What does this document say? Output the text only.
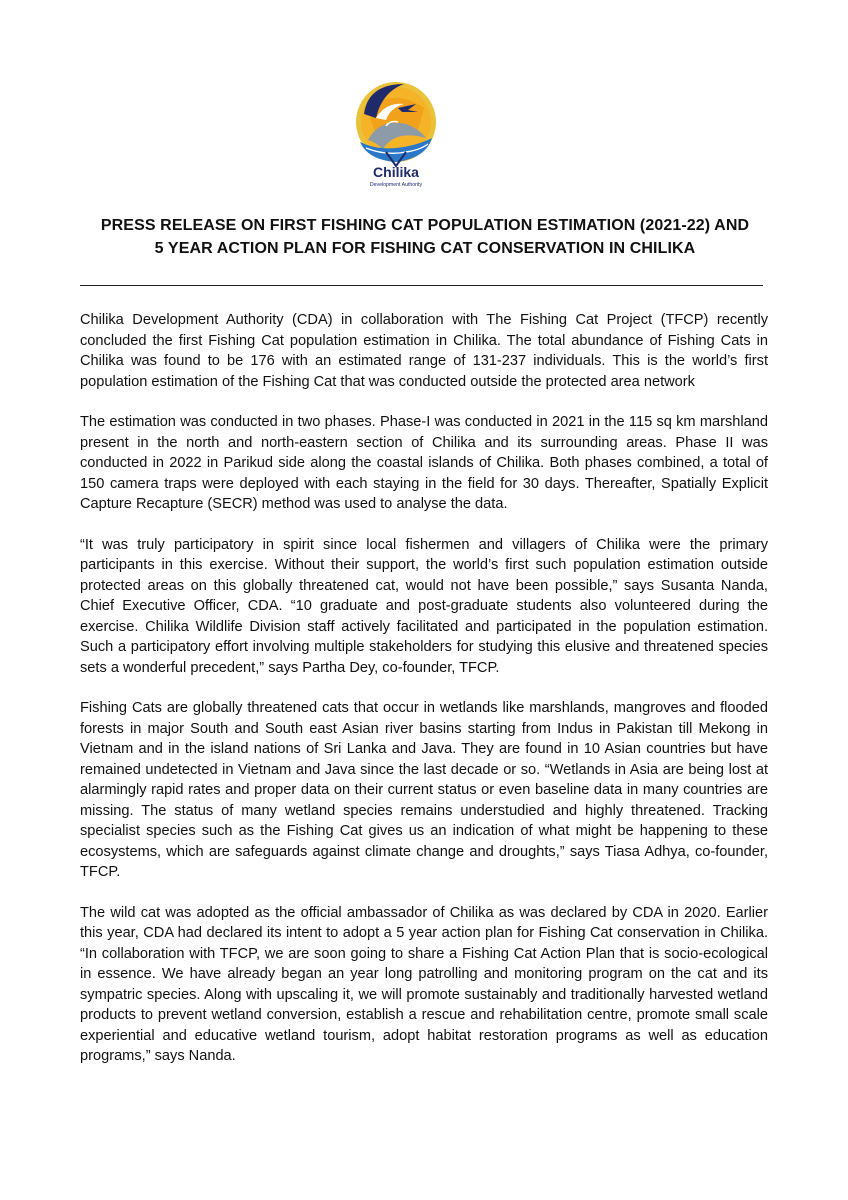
Chilika
Development Authority
PRESS RELEASE ON FIRST FISHING CAT POPULATION ESTIMATION (2021-22) AND
5 YEAR ACTION PLAN FOR FISHING CAT CONSERVATION IN CHILIKA

Chilika Development Authority (CDA) in collaboration with The Fishing Cat Project (TFCP) recently concluded the first Fishing Cat population estimation in Chilika. The total abundance of Fishing Cats in Chilika was found to be 176 with an estimated range of 131-237 individuals. This is the world’s first population estimation of the Fishing Cat that was conducted outside the protected area network

The estimation was conducted in two phases. Phase-I was conducted in 2021 in the 115 sq km marshland present in the north and north-eastern section of Chilika and its surrounding areas. Phase II was conducted in 2022 in Parikud side along the coastal islands of Chilika. Both phases combined, a total of 150 camera traps were deployed with each staying in the field for 30 days. Thereafter, Spatially Explicit Capture Recapture (SECR) method was used to analyse the data.

“It was truly participatory in spirit since local fishermen and villagers of Chilika were the primary participants in this exercise. Without their support, the world’s first such population estimation outside protected areas on this globally threatened cat, would not have been possible,” says Susanta Nanda, Chief Executive Officer, CDA. “10 graduate and post-graduate students also volunteered during the exercise. Chilika Wildlife Division staff actively facilitated and participated in the population estimation. Such a participatory effort involving multiple stakeholders for studying this elusive and threatened species sets a wonderful precedent,” says Partha Dey, co-founder, TFCP.

Fishing Cats are globally threatened cats that occur in wetlands like marshlands, mangroves and flooded forests in major South and South east Asian river basins starting from Indus in Pakistan till Mekong in Vietnam and in the island nations of Sri Lanka and Java. They are found in 10 Asian countries but have remained undetected in Vietnam and Java since the last decade or so. “Wetlands in Asia are being lost at alarmingly rapid rates and proper data on their current status or even baseline data in many countries are missing. The status of many wetland species remains understudied and highly threatened. Tracking specialist species such as the Fishing Cat gives us an indication of what might be happening to these ecosystems, which are safeguards against climate change and droughts,” says Tiasa Adhya, co-founder, TFCP.

The wild cat was adopted as the official ambassador of Chilika as was declared by CDA in 2020. Earlier this year, CDA had declared its intent to adopt a 5 year action plan for Fishing Cat conservation in Chilika. “In collaboration with TFCP, we are soon going to share a Fishing Cat Action Plan that is socio-ecological in essence. We have already began an year long patrolling and monitoring program on the cat and its sympatric species. Along with upscaling it, we will promote sustainably and traditionally harvested wetland products to prevent wetland conversion, establish a rescue and rehabilitation centre, promote small scale experiential and educative wetland tourism, adopt habitat restoration programs as well as education programs,” says Nanda.
